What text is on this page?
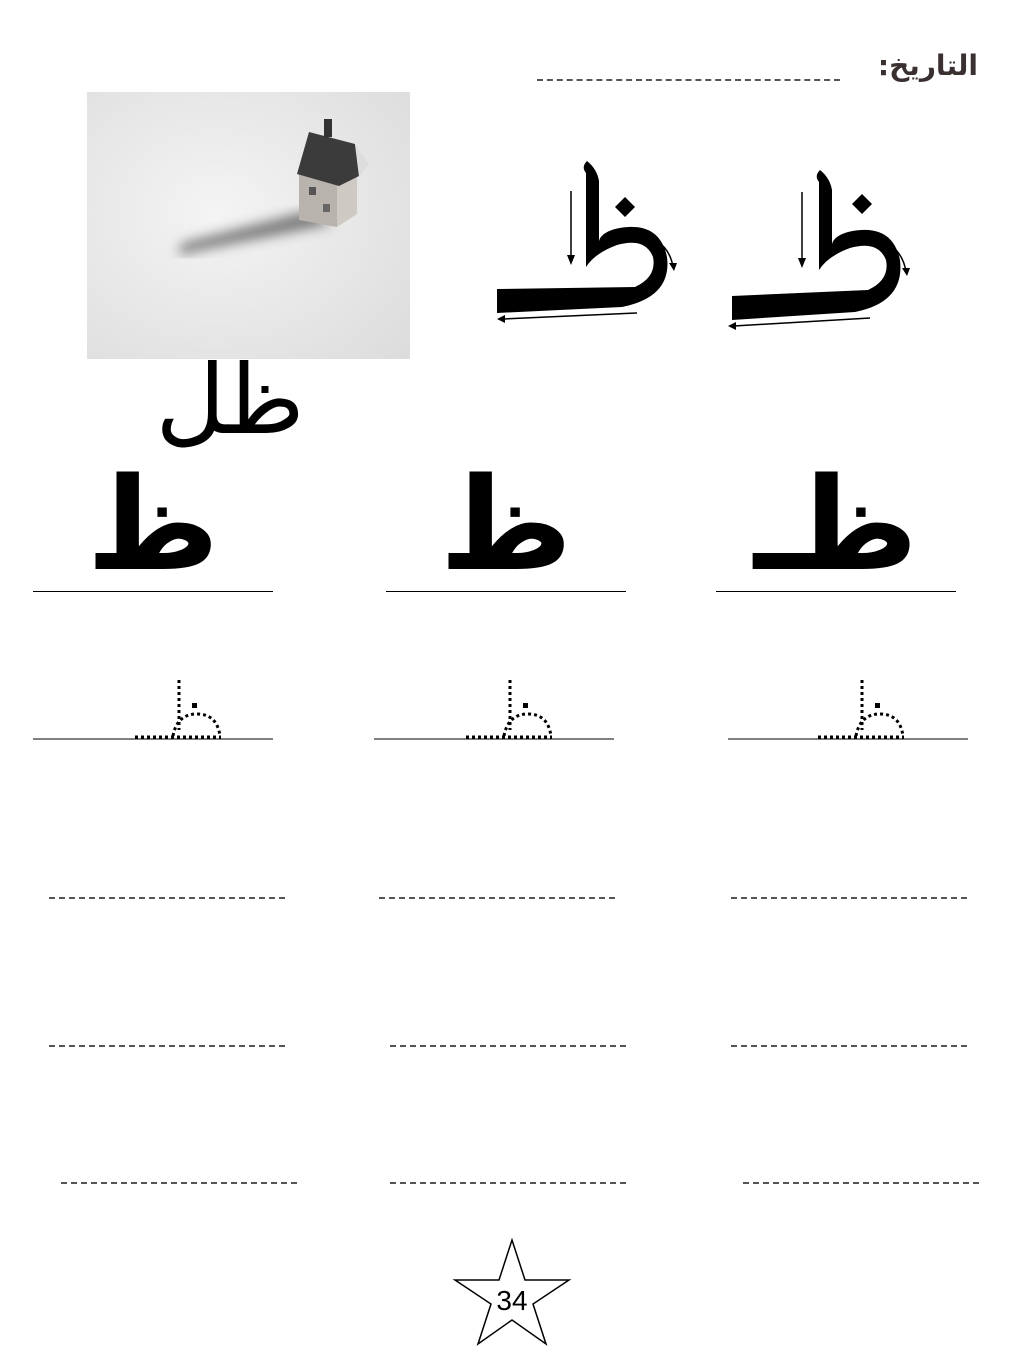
التاريخ:
ظل
ظـ
ظ
ظ
34
